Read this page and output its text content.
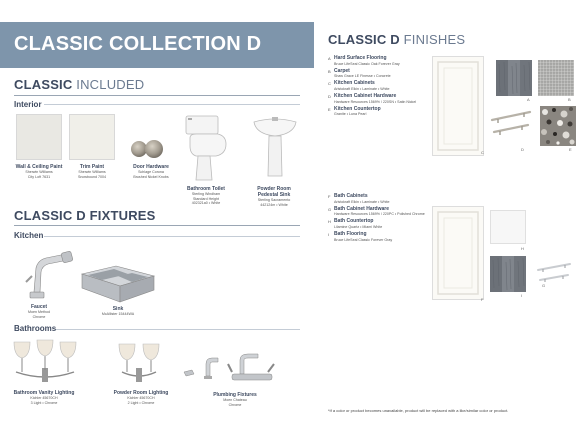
CLASSIC COLLECTION D
CLASSIC INCLUDED
Interior
Wall & Ceiling Paint
Sherwin Williams
City Loft 7631
Trim Paint
Sherwin Williams
Snowbound 7004
Door Hardware
Schlage Corona
Brushed Nickel Knobs
Bathroom Toilet
Sterling Windham
Standard Height
402321a0 • White
Powder Room
Pedestal Sink
Sterling Sacramento
442124m • White
CLASSIC D FIXTURES
Kitchen
Faucet
Moen Method
Chrome
Sink
McAllister 15444WA
Bathrooms
Bathroom Vanity Lighting
Kichler 45670CH
3 Light • Chrome
Powder Room Lighting
Kichler 45670CH
2 Light • Chrome
Plumbing Fixtures
Moen Chateau
Chrome
CLASSIC D FINISHES
A Hard Surface Flooring
Bruce LifeSeal Classic Oak Forever Gray
B Carpet
Shaw Grace LE Finesse • Concrete
C Kitchen Cabinets
Aristokraft Elkin • Laminate • White
D Kitchen Cabinet Hardware
Hardware Resources 1569% / 220SN • Satin Nickel
E Kitchen Countertop
Granite • Luna Pearl
C
A	B
D	E
F Bath Cabinets
Aristokraft Elkin • Laminate • White
G Bath Cabinet Hardware
Hardware Resources 1569% / 220PC • Polished Chrome
H Bath Countertop
Lilamine Quartz • Miami White
I Bath Flooring
Bruce LifeSeal Classic Forever Gray
F
H
I
G
*If a color or product becomes unavailable, product will be replaced with a like/similar color or product.
